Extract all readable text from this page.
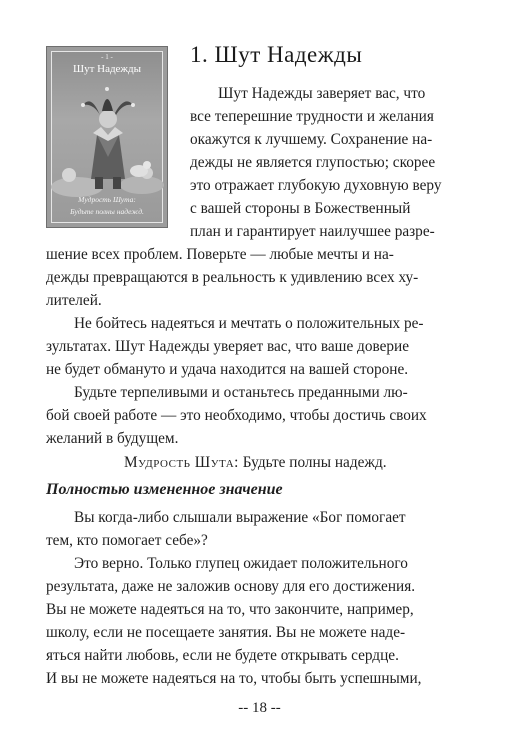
- 1 -
Шут Надежды
Мудрость Шута:
Будьте полны надежд.
1. Шут Надежды
Шут Надежды заверяет вас, что
все теперешние трудности и желания
окажутся к лучшему. Сохранение на-
дежды не является глупостью; скорее
это отражает глубокую духовную веру
с вашей стороны в Божественный
план и гарантирует наилучшее разре-
шение всех проблем. Поверьте — любые мечты и на-
дежды превращаются в реальность к удивлению всех ху-
лителей.
Не бойтесь надеяться и мечтать о положительных ре-
зультатах. Шут Надежды уверяет вас, что ваше доверие
не будет обмануто и удача находится на вашей стороне.
Будьте терпеливыми и останьтесь преданными лю-
бой своей работе — это необходимо, чтобы достичь своих
желаний в будущем.
Мудрость Шута: Будьте полны надежд.
Полностью измененное значение
Вы когда-либо слышали выражение «Бог помогает
тем, кто помогает себе»?
Это верно. Только глупец ожидает положительного
результата, даже не заложив основу для его достижения.
Вы не можете надеяться на то, что закончите, например,
школу, если не посещаете занятия. Вы не можете наде-
яться найти любовь, если не будете открывать сердце.
И вы не можете надеяться на то, чтобы быть успешными,
-- 18 --
